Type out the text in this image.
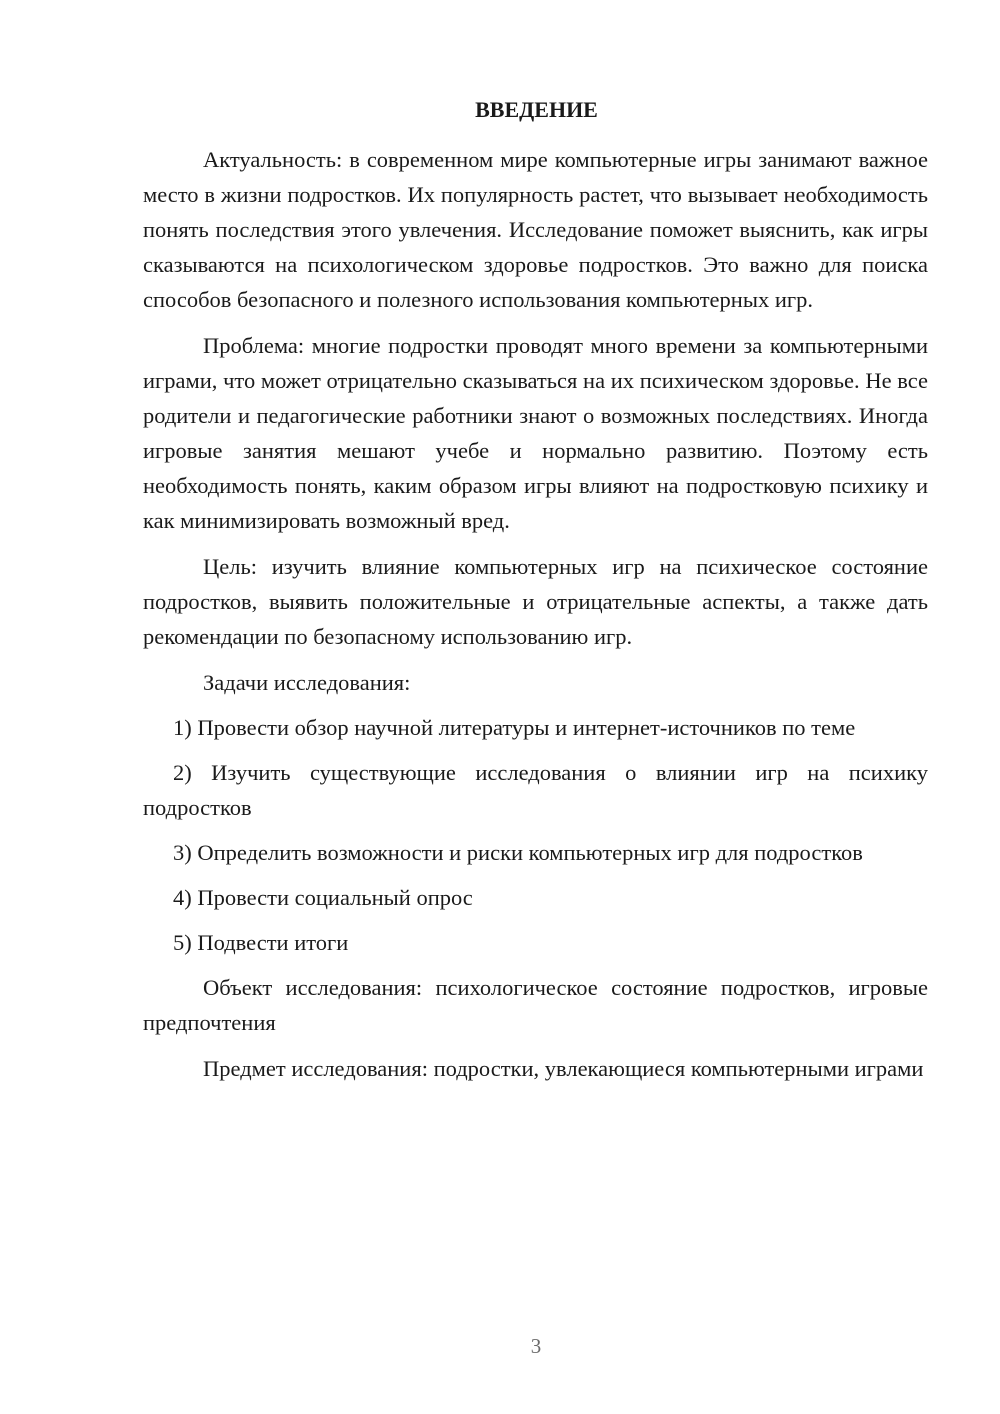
ВВЕДЕНИЕ

Актуальность: в современном мире компьютерные игры занимают важное место в жизни подростков. Их популярность растет, что вызывает необходимость понять последствия этого увлечения. Исследование поможет выяснить, как игры сказываются на психологическом здоровье подростков. Это важно для поиска способов безопасного и полезного использования компьютерных игр.

Проблема: многие подростки проводят много времени за компьютерными играми, что может отрицательно сказываться на их психическом здоровье. Не все родители и педагогические работники знают о возможных последствиях. Иногда игровые занятия мешают учебе и нормально развитию. Поэтому есть необходимость понять, каким образом игры влияют на подростковую психику и как минимизировать возможный вред.

Цель: изучить влияние компьютерных игр на психическое состояние подростков, выявить положительные и отрицательные аспекты, а также дать рекомендации по безопасному использованию игр.

Задачи исследования:

1) Провести обзор научной литературы и интернет-источников по теме

2) Изучить существующие исследования о влиянии игр на психику подростков

3) Определить возможности и риски компьютерных игр для подростков

4) Провести социальный опрос

5) Подвести итоги

Объект исследования: психологическое состояние подростков, игровые предпочтения

Предмет исследования: подростки, увлекающиеся компьютерными играми

3
